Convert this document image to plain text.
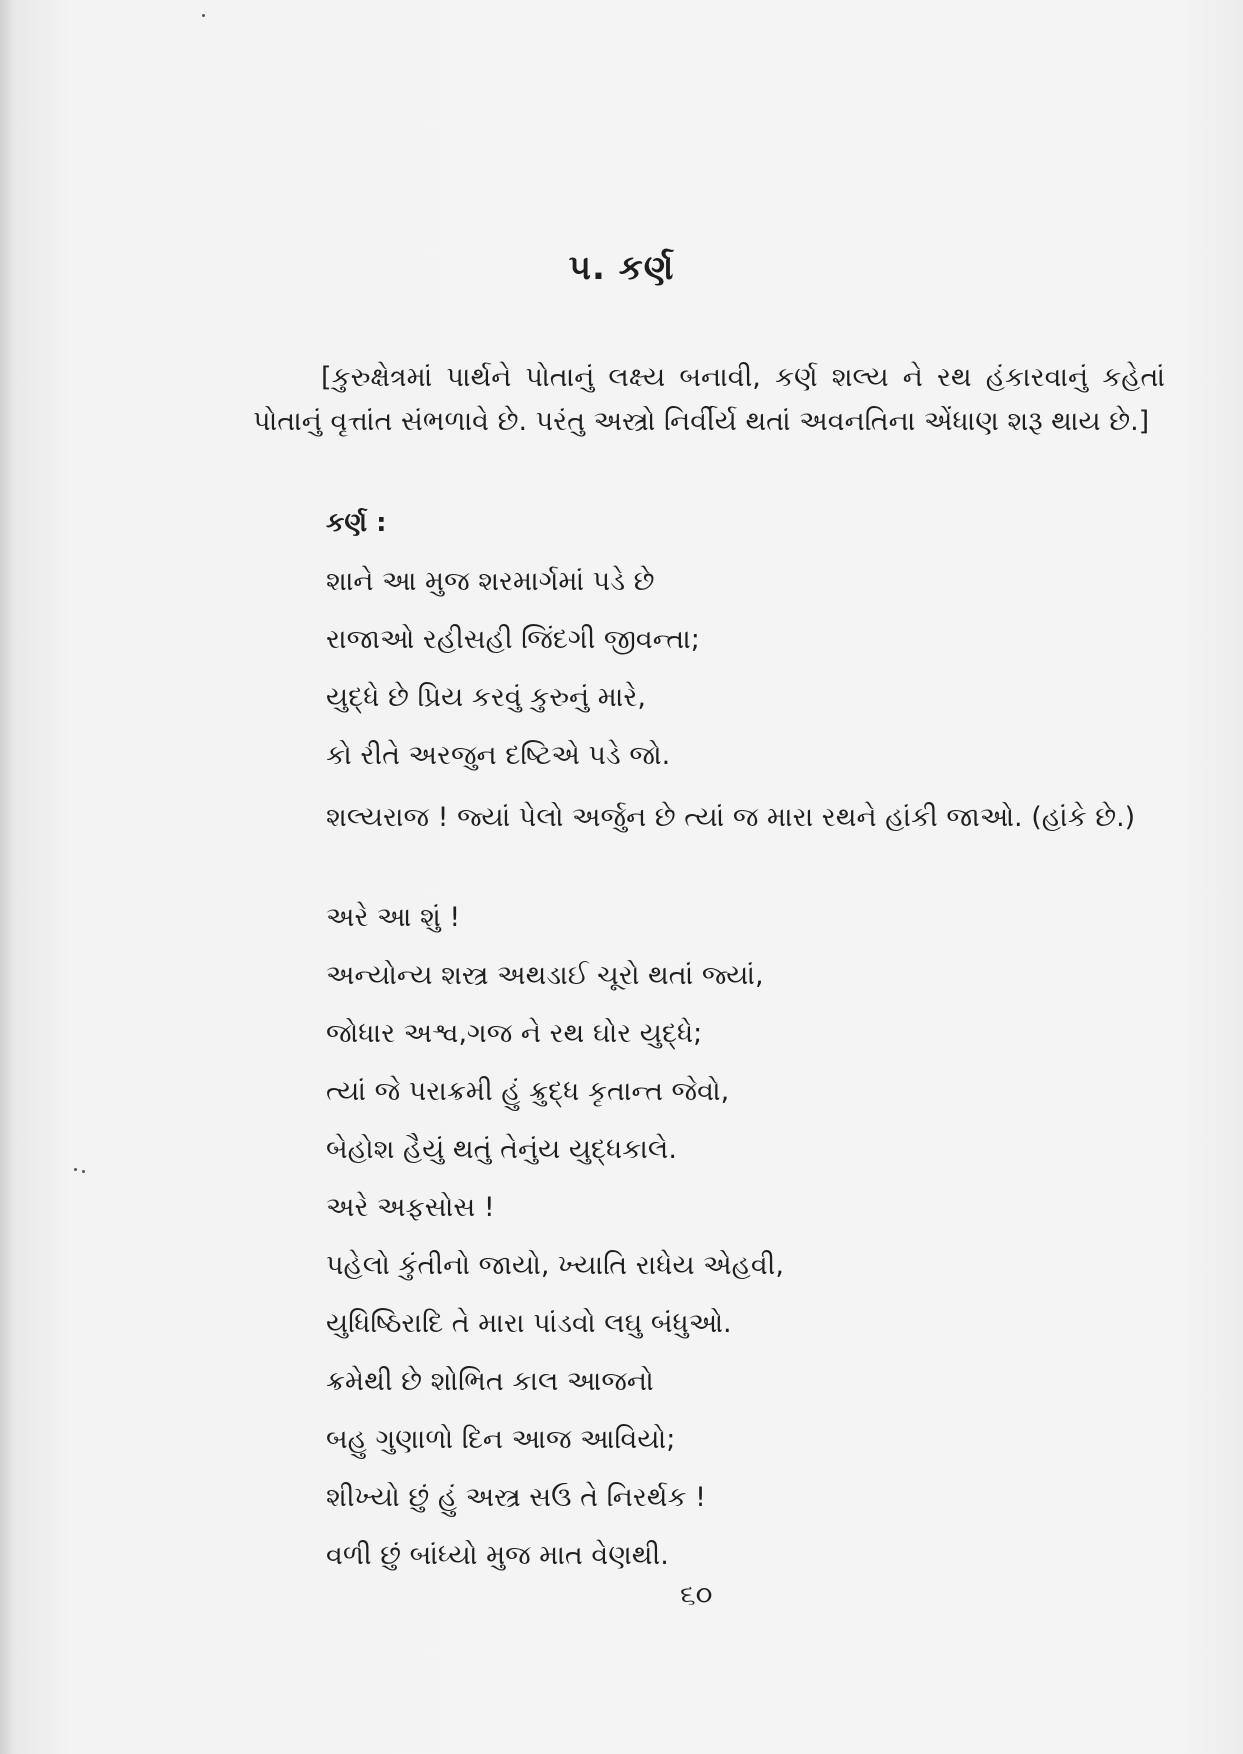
૫. કર્ણ
[કુરુક્ષેત્રમાં પાર્થને પોતાનું લક્ષ્ય બનાવી, કર્ણ શલ્ય ને રથ હંકારવાનું કહેતાં પોતાનું વૃત્તાંત સંભળાવે છે. પરંતુ અસ્ત્રો નિર્વીર્ય થતાં અવનતિના એંધાણ શરૂ થાય છે.]
કર્ણ :
શાને આ મુજ શરમાર્ગમાં પડે છે
રાજાઓ રહીસહી જિંદગી જીવન્તા;
યુદ્ધે છે પ્રિય કરવું કુરુનું મારે,
કો રીતે અરજુન દષ્ટિએ પડે જો.
શલ્યરાજ ! જ્યાં પેલો અર્જુન છે ત્યાં જ મારા રથને હાંકી જાઓ. (હાંકે છે.)
અરે આ શું !
અન્યોન્ય શસ્ત્ર અથડાઈ ચૂરો થતાં જ્યાં,
જોધાર અશ્વ,ગજ ને રથ ઘોર યુદ્ધે;
ત્યાં જે પરાક્રમી હું ક્રુદ્ધ કૃતાન્ત જેવો,
બેહોશ હૈયું થતું તેનુંય યુદ્ધકાલે.
અરે અફસોસ !
પહેલો કુંતીનો જાયો, ખ્યાતિ રાધેય એહવી,
યુધિષ્ઠિરાદિ તે મારા પાંડવો લઘુ બંધુઓ.
ક્રમેથી છે શોભિત કાલ આજનો
બહુ ગુણાળો દિન આજ આવિયો;
શીખ્યો છું હું અસ્ત્ર સઉ તે નિરર્થક !
વળી છું બાંધ્યો મુજ માત વેણથી.
૬૦
